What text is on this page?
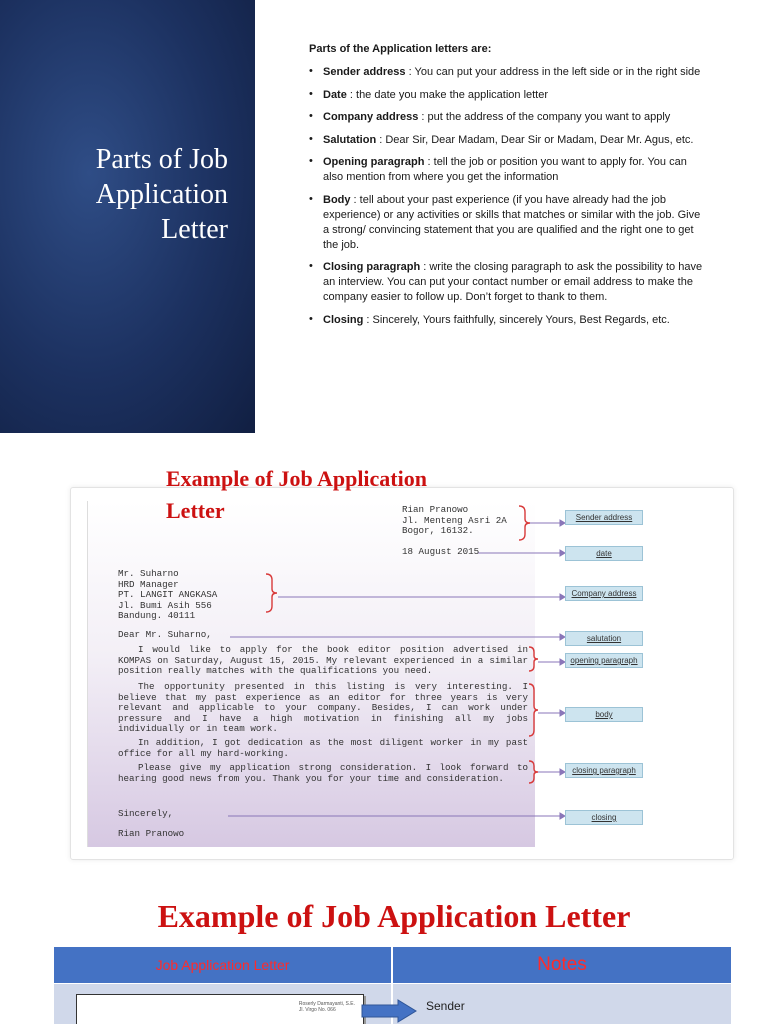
Parts of Job Application Letter
Parts of the Application letters are:
• Sender address : You can put your address in the left side or in the right side
• Date : the date you make the application letter
• Company address : put the address of the company you want to apply
• Salutation : Dear Sir, Dear Madam, Dear Sir or Madam, Dear Mr. Agus, etc.
• Opening paragraph : tell the job or position you want to apply for. You can also mention from where you get the information
• Body : tell about your past experience (if you have already had the job experience) or any activities or skills that matches or similar with the job. Give a strong/ convincing statement that you are qualified and the right one to get the job.
• Closing paragraph : write the closing paragraph to ask the possibility to have an interview. You can put your contact number or email address to make the company easier to follow up. Don’t forget to thank to them.
• Closing : Sincerely, Yours faithfully, sincerely Yours, Best Regards, etc.
Example of Job Application Letter	Rian Pranowo
Jl. Menteng Asri 2A
Bogor, 16132.
18 August 2015
Mr. Suharno
HRD Manager
PT. LANGIT ANGKASA
Jl. Bumi Asih 556
Bandung. 40111
Dear Mr. Suharno,
I would like to apply for the book editor position advertised in KOMPAS on Saturday, August 15, 2015. My relevant experienced in a similar position really matches with the qualifications you need.
The opportunity presented in this listing is very interesting. I believe that my past experience as an editor for three years is very relevant and applicable to your company. Besides, I can work under pressure and I have a high motivation in finishing all my jobs individually or in team work.
In addition, I got dedication as the most diligent worker in my past office for all my hard-working.
Please give my application strong consideration. I look forward to hearing good news from you. Thank you for your time and consideration.
Sincerely,
Rian Pranowo
Sender address
date
Company address
salutation
opening paragraph
body
closing paragraph
closing
Example of Job Application Letter
Job Application Letter	Notes
Roserly Darmayanti, S.E.
Jl. Virgo No. 066	Sender
